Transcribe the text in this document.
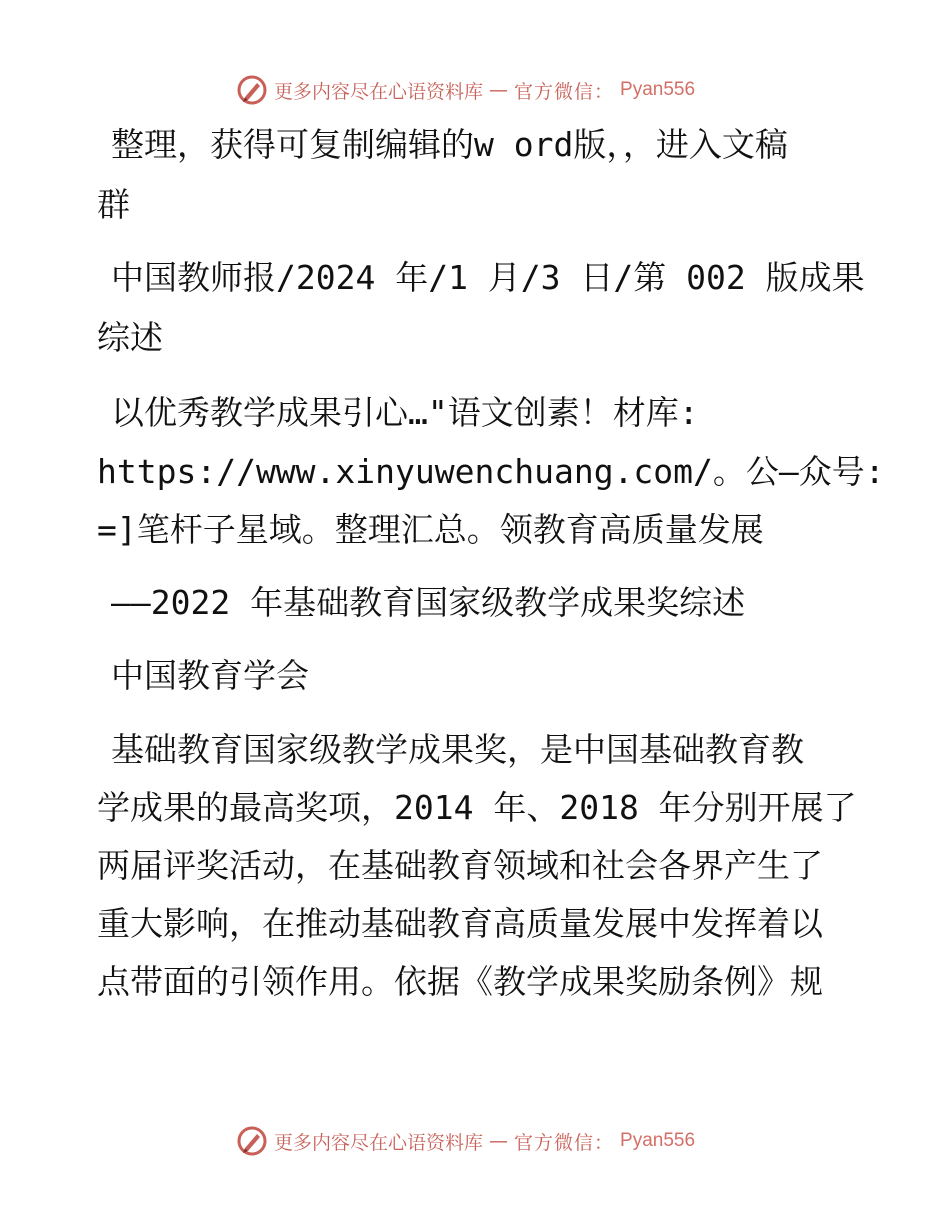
更多内容尽在心语资料库 — 官方微信： Pyan556
整理，获得可复制编辑的w ord版，，进入文稿
群
中国教师报/2024 年/1 月/3 日/第 002 版成果
综述
以优秀教学成果引心…"语文创素！材库:
https://www.xinyuwenchuang.com/。公—众号:
=]笔杆子星域。整理汇总。领教育高质量发展
——2022 年基础教育国家级教学成果奖综述
中国教育学会
基础教育国家级教学成果奖，是中国基础教育教
学成果的最高奖项，2014 年、2018 年分别开展了
两届评奖活动，在基础教育领域和社会各界产生了
重大影响，在推动基础教育高质量发展中发挥着以
点带面的引领作用。依据《教学成果奖励条例》规
更多内容尽在心语资料库 — 官方微信： Pyan556
